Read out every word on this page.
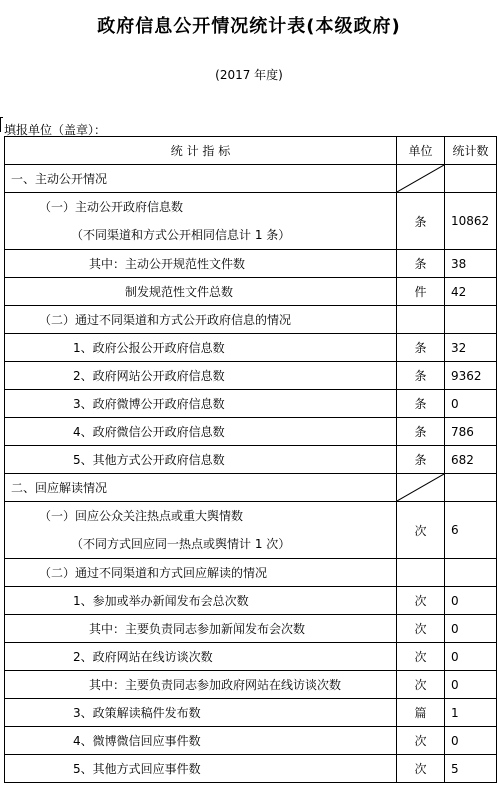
政府信息公开情况统计表(本级政府)
(2017 年度)
填报单位（盖章）：
统 计 指 标	单位	统计数
一、主动公开情况	

（一）主动公开政府信息数
（不同渠道和方式公开相同信息计 1 条）	条	10862
其中：主动公开规范性文件数	条	38
制发规范性文件总数	件	42
（二）通过不同渠道和方式公开政府信息的情况		
1、政府公报公开政府信息数	条	32
2、政府网站公开政府信息数	条	9362
3、政府微博公开政府信息数	条	0
4、政府微信公开政府信息数	条	786
5、其他方式公开政府信息数	条	682
二、回应解读情况	

（一）回应公众关注热点或重大舆情数
（不同方式回应同一热点或舆情计 1 次）	次	6
（二）通过不同渠道和方式回应解读的情况		
1、参加或举办新闻发布会总次数	次	0
其中：主要负责同志参加新闻发布会次数	次	0
2、政府网站在线访谈次数	次	0
其中：主要负责同志参加政府网站在线访谈次数	次	0
3、政策解读稿件发布数	篇	1
4、微博微信回应事件数	次	0
5、其他方式回应事件数	次	5
